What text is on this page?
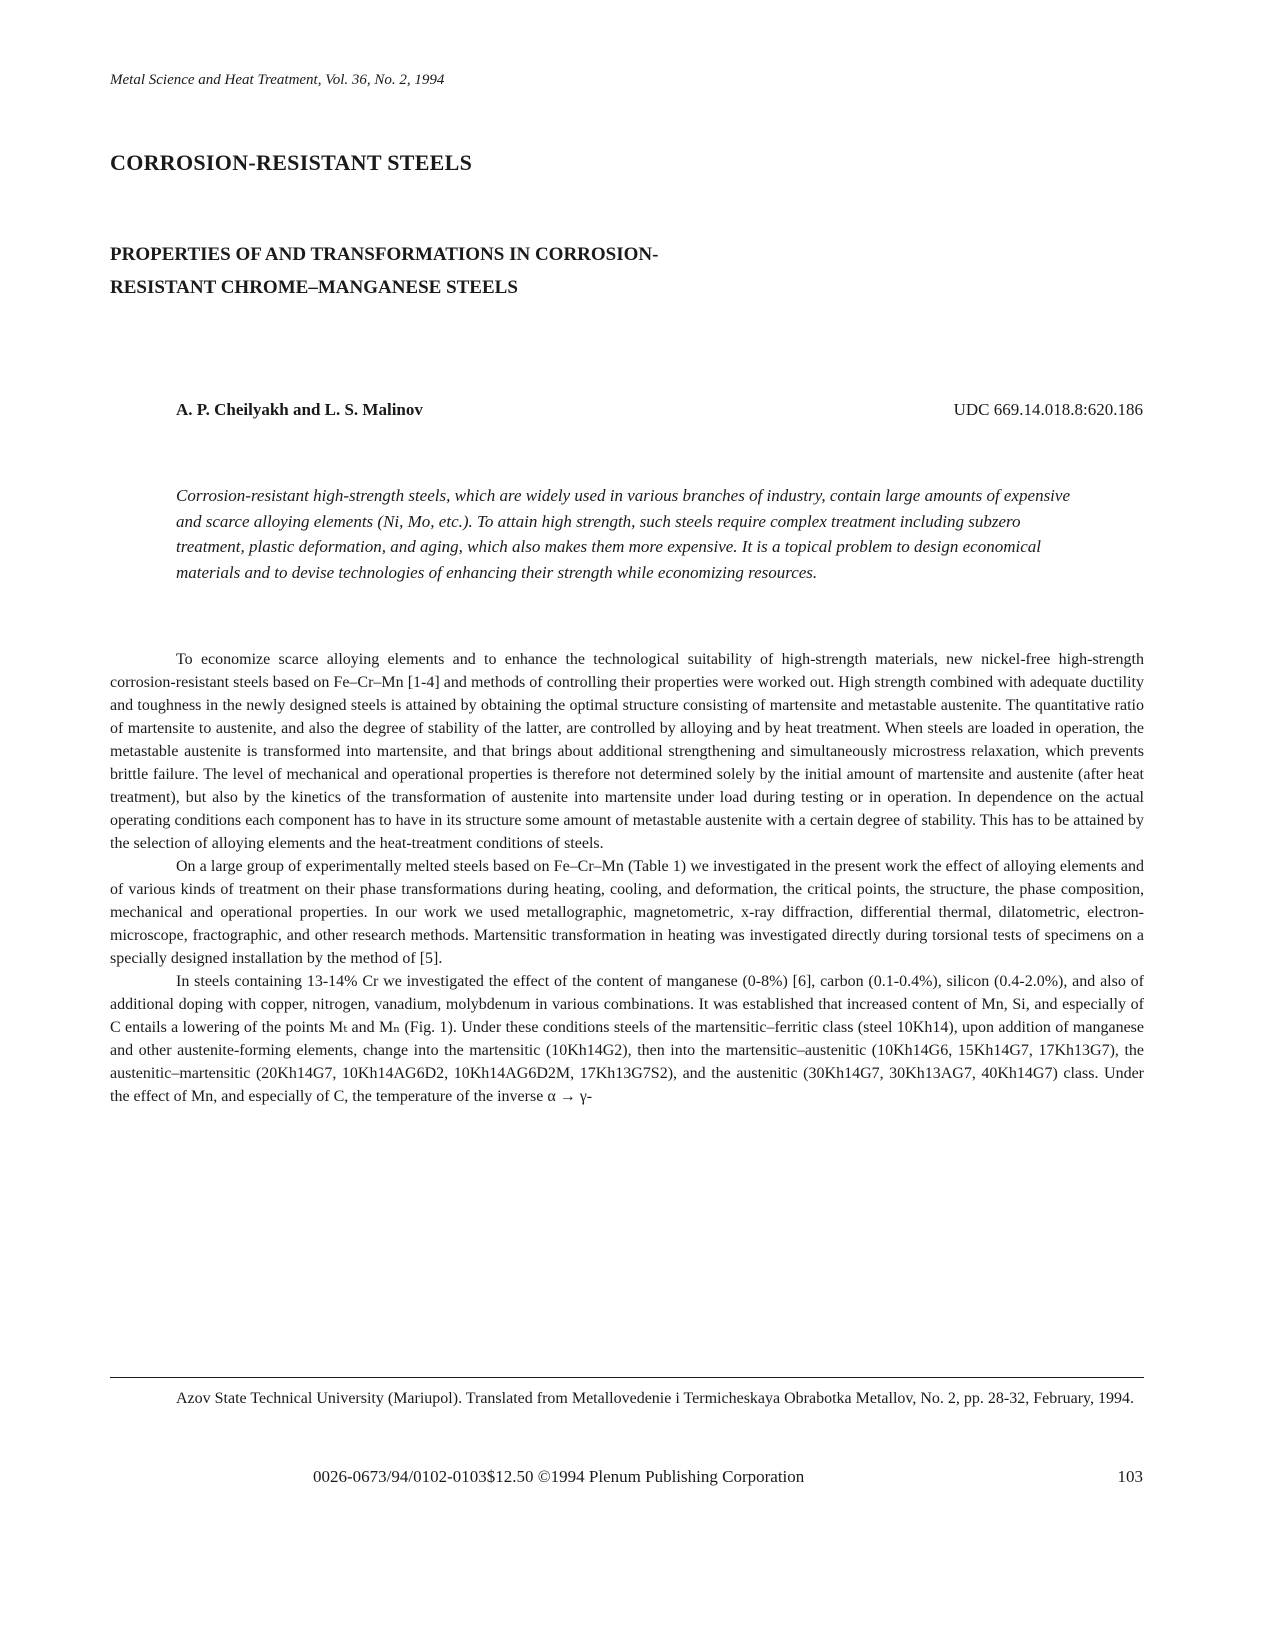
Metal Science and Heat Treatment, Vol. 36, No. 2, 1994
CORROSION-RESISTANT STEELS
PROPERTIES OF AND TRANSFORMATIONS IN CORROSION-RESISTANT CHROME–MANGANESE STEELS
A. P. Cheilyakh and L. S. Malinov	UDC 669.14.018.8:620.186
Corrosion-resistant high-strength steels, which are widely used in various branches of industry, contain large amounts of expensive and scarce alloying elements (Ni, Mo, etc.). To attain high strength, such steels require complex treatment including subzero treatment, plastic deformation, and aging, which also makes them more expensive. It is a topical problem to design economical materials and to devise technologies of enhancing their strength while economizing resources.

To economize scarce alloying elements and to enhance the technological suitability of high-strength materials, new nickel-free high-strength corrosion-resistant steels based on Fe–Cr–Mn [1-4] and methods of controlling their properties were worked out. High strength combined with adequate ductility and toughness in the newly designed steels is attained by obtaining the optimal structure consisting of martensite and metastable austenite. The quantitative ratio of martensite to austenite, and also the degree of stability of the latter, are controlled by alloying and by heat treatment. When steels are loaded in operation, the metastable austenite is transformed into martensite, and that brings about additional strengthening and simultaneously microstress relaxation, which prevents brittle failure. The level of mechanical and operational properties is therefore not determined solely by the initial amount of martensite and austenite (after heat treatment), but also by the kinetics of the transformation of austenite into martensite under load during testing or in operation. In dependence on the actual operating conditions each component has to have in its structure some amount of metastable austenite with a certain degree of stability. This has to be attained by the selection of alloying elements and the heat-treatment conditions of steels.

On a large group of experimentally melted steels based on Fe–Cr–Mn (Table 1) we investigated in the present work the effect of alloying elements and of various kinds of treatment on their phase transformations during heating, cooling, and deformation, the critical points, the structure, the phase composition, mechanical and operational properties. In our work we used metallographic, magnetometric, x-ray diffraction, differential thermal, dilatometric, electron-microscope, fractographic, and other research methods. Martensitic transformation in heating was investigated directly during torsional tests of specimens on a specially designed installation by the method of [5].

In steels containing 13-14% Cr we investigated the effect of the content of manganese (0-8%) [6], carbon (0.1-0.4%), silicon (0.4-2.0%), and also of additional doping with copper, nitrogen, vanadium, molybdenum in various combinations. It was established that increased content of Mn, Si, and especially of C entails a lowering of the points Mₜ and Mₙ (Fig. 1). Under these conditions steels of the martensitic–ferritic class (steel 10Kh14), upon addition of manganese and other austenite-forming elements, change into the martensitic (10Kh14G2), then into the martensitic–austenitic (10Kh14G6, 15Kh14G7, 17Kh13G7), the austenitic–martensitic (20Kh14G7, 10Kh14AG6D2, 10Kh14AG6D2M, 17Kh13G7S2), and the austenitic (30Kh14G7, 30Kh13AG7, 40Kh14G7) class. Under the effect of Mn, and especially of C, the temperature of the inverse α → γ-

Azov State Technical University (Mariupol). Translated from Metallovedenie i Termicheskaya Obrabotka Metallov, No. 2, pp. 28-32, February, 1994.
0026-0673/94/0102-0103$12.50 ©1994 Plenum Publishing Corporation	103
